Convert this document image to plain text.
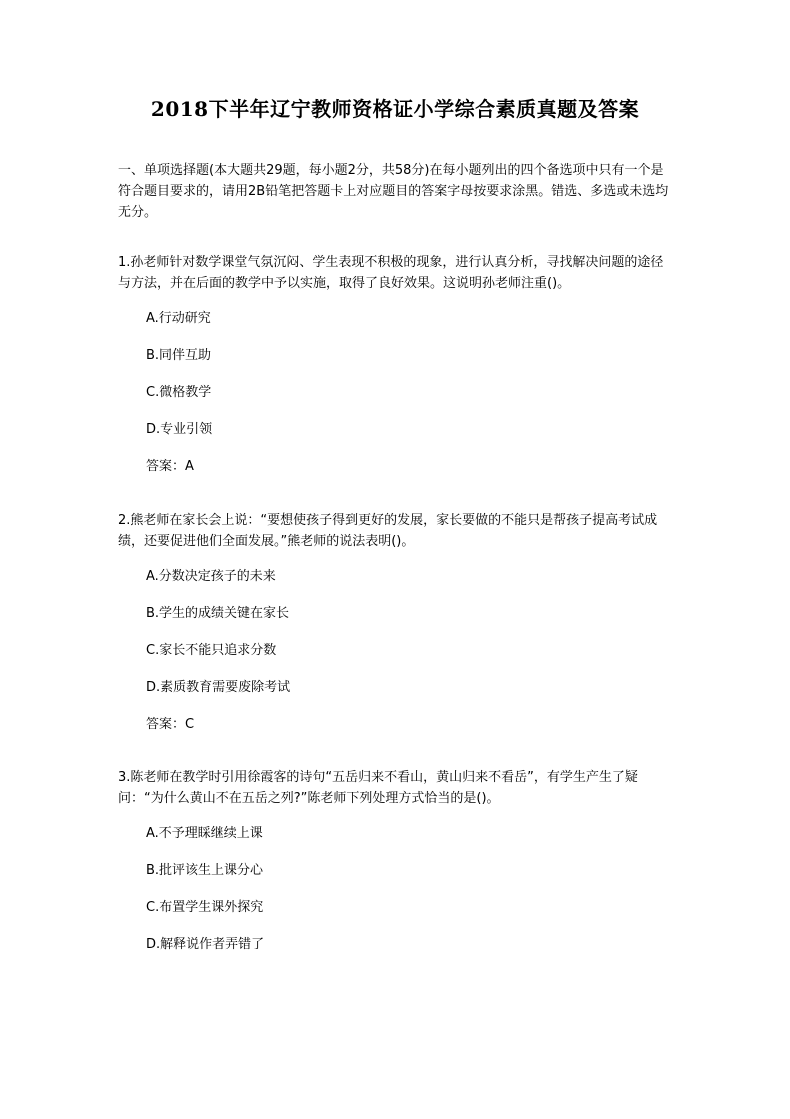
2018下半年辽宁教师资格证小学综合素质真题及答案
一、单项选择题(本大题共29题，每小题2分，共58分)在每小题列出的四个备选项中只有一个是符合题目要求的，请用2B铅笔把答题卡上对应题目的答案字母按要求涂黑。错选、多选或未选均无分。
1.孙老师针对数学课堂气氛沉闷、学生表现不积极的现象，进行认真分析，寻找解决问题的途径与方法，并在后面的教学中予以实施，取得了良好效果。这说明孙老师注重()。
A.行动研究
B.同伴互助
C.微格教学
D.专业引领
答案：A
2.熊老师在家长会上说：“要想使孩子得到更好的发展，家长要做的不能只是帮孩子提高考试成绩，还要促进他们全面发展。”熊老师的说法表明()。
A.分数决定孩子的未来
B.学生的成绩关键在家长
C.家长不能只追求分数
D.素质教育需要废除考试
答案：C
3.陈老师在教学时引用徐霞客的诗句“五岳归来不看山，黄山归来不看岳”，有学生产生了疑问：“为什么黄山不在五岳之列?”陈老师下列处理方式恰当的是()。
A.不予理睬继续上课
B.批评该生上课分心
C.布置学生课外探究
D.解释说作者弄错了
